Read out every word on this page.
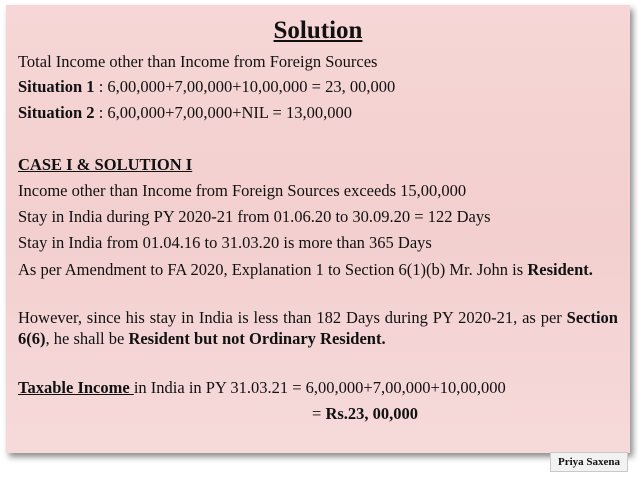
Solution
Total Income other than Income from Foreign Sources
Situation 1 : 6,00,000+7,00,000+10,00,000 = 23, 00,000
Situation 2 : 6,00,000+7,00,000+NIL = 13,00,000
CASE I & SOLUTION I
Income other than Income from Foreign Sources exceeds 15,00,000
Stay in India during PY 2020-21 from 01.06.20 to 30.09.20 = 122 Days
Stay in India from 01.04.16 to 31.03.20 is more than 365 Days
As per Amendment to FA 2020, Explanation 1 to Section 6(1)(b) Mr. John is Resident.
However, since his stay in India is less than 182 Days during PY 2020-21, as per Section 6(6), he shall be Resident but not Ordinary Resident.
Taxable Income in India in PY 31.03.21 = 6,00,000+7,00,000+10,00,000
= Rs.23, 00,000
Priya Saxena
